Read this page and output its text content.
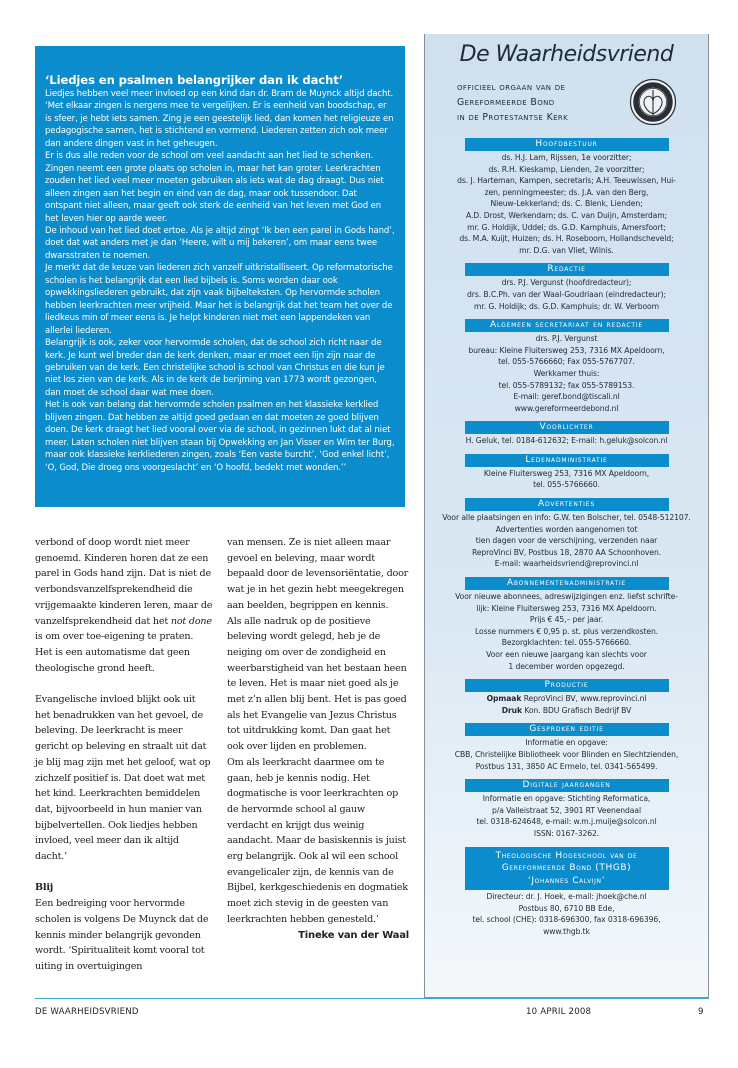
‘Liedjes en psalmen belangrijker dan ik dacht’

Liedjes hebben veel meer invloed op een kind dan dr. Bram de Muynck altijd dacht. ‘Met elkaar zingen is nergens mee te vergelijken. Er is eenheid van boodschap, er is sfeer, je hebt iets samen. Zing je een geestelijk lied, dan komen het religieuze en pedagogische samen, het is stichtend en vormend. Liederen zetten zich ook meer dan andere dingen vast in het geheugen.

Er is dus alle reden voor de school om veel aandacht aan het lied te schenken. Zingen neemt een grote plaats op scholen in, maar het kan groter. Leerkrachten zouden het lied veel meer moeten gebruiken als iets wat de dag draagt. Dus niet alleen zingen aan het begin en eind van de dag, maar ook tussendoor. Dat ontspant niet alleen, maar geeft ook sterk de eenheid van het leven met God en het leven hier op aarde weer.

De inhoud van het lied doet ertoe. Als je altijd zingt ‘Ik ben een parel in Gods hand’, doet dat wat anders met je dan ‘Heere, wilt u mij bekeren’, om maar eens twee dwarsstraten te noemen.

Je merkt dat de keuze van liederen zich vanzelf uitkristalliseert. Op reformatorische scholen is het belangrijk dat een lied bijbels is. Soms worden daar ook opwekkingsliederen gebruikt, dat zijn vaak bijbelteksten. Op hervormde scholen hebben leerkrachten meer vrijheid. Maar het is belangrijk dat het team het over de liedkeus min of meer eens is. Je helpt kinderen niet met een lappendeken van allerlei liederen.

Belangrijk is ook, zeker voor hervormde scholen, dat de school zich richt naar de kerk. Je kunt wel breder dan de kerk denken, maar er moet een lijn zijn naar de gebruiken van de kerk. Een christelijke school is school van Christus en die kun je niet los zien van de kerk. Als in de kerk de berijming van 1773 wordt gezongen, dan moet de school daar wat mee doen.

Het is ook van belang dat hervormde scholen psalmen en het klassieke kerklied blijven zingen. Dat hebben ze altijd goed gedaan en dat moeten ze goed blijven doen. De kerk draagt het lied vooral over via de school, in gezinnen lukt dat al niet meer. Laten scholen niet blijven staan bij Opwekking en Jan Visser en Wim ter Burg, maar ook klassieke kerkliederen zingen, zoals ‘Een vaste burcht’, ‘God enkel licht’, ‘O, God, Die droeg ons voorgeslacht’ en ‘O hoofd, bedekt met wonden.’’

verbond of doop wordt niet meer genoemd. Kinderen horen dat ze een parel in Gods hand zijn. Dat is niet de verbondsvanzelfsprekendheid die vrijgemaakte kinderen leren, maar de vanzelfsprekendheid dat het not done is om over toe-eigening te praten. Het is een automatisme dat geen theologische grond heeft.

Evangelische invloed blijkt ook uit het benadrukken van het gevoel, de beleving. De leerkracht is meer gericht op beleving en straalt uit dat je blij mag zijn met het geloof, wat op zichzelf positief is. Dat doet wat met het kind. Leerkrachten bemiddelen dat, bijvoorbeeld in hun manier van bijbelvertellen. Ook liedjes hebben invloed, veel meer dan ik altijd dacht.’

Blij

Een bedreiging voor hervormde scholen is volgens De Muynck dat de kennis minder belangrijk gevonden wordt. ‘Spiritualiteit komt vooral tot uiting in overtuigingen

van mensen. Ze is niet alleen maar gevoel en beleving, maar wordt bepaald door de levensoriëntatie, door wat je in het gezin hebt meegekregen aan beelden, begrippen en kennis.

Als alle nadruk op de positieve beleving wordt gelegd, heb je de neiging om over de zondigheid en weerbarstigheid van het bestaan heen te leven. Het is maar niet goed als je met z’n allen blij bent. Het is pas goed als het Evangelie van Jezus Christus tot uitdrukking komt. Dan gaat het ook over lijden en problemen.

Om als leerkracht daarmee om te gaan, heb je kennis nodig. Het dogmatische is voor leerkrachten op de hervormde school al gauw verdacht en krijgt dus weinig aandacht. Maar de basiskennis is juist erg belangrijk. Ook al wil een school evangelicaler zijn, de kennis van de Bijbel, kerkgeschiedenis en dogmatiek moet zich stevig in de geesten van leerkrachten hebben genesteld.’

Tineke van der Waal

De Waarheidsvriend
officieel orgaan van de
Gereformeerde Bond
in de Protestantse Kerk
Hoofdbestuur
ds. H.J. Lam, Rijssen, 1e voorzitter;
ds. R.H. Kieskamp, Lienden, 2e voorzitter;
ds. J. Harteman, Kampen, secretaris; A.H. Teeuwissen, Hui-
zen, penningmeester; ds. J.A. van den Berg,
Nieuw-Lekkerland; ds. C. Blenk, Lienden;
A.D. Drost, Werkendam; ds. C. van Duijn, Amsterdam;
mr. G. Holdijk, Uddel; ds. G.D. Kamphuis, Amersfoort;
ds. M.A. Kuijt, Huizen; ds. H. Roseboom, Hollandscheveld;
mr. D.G. van Vliet, Wilnis.
Redactie
drs. P.J. Vergunst (hoofdredacteur);
drs. B.C.Ph. van der Waal-Goudriaan (eindredacteur);
mr. G. Holdijk; ds. G.D. Kamphuis; dr. W. Verboom
Algemeen secretariaat en redactie
drs. P.J. Vergunst
bureau: Kleine Fluitersweg 253, 7316 MX Apeldoorn,
tel. 055-5766660; Fax 055-5767707.
Werkkamer thuis:
tel. 055-5789132; fax 055-5789153.
E-mail: geref.bond@tiscali.nl
www.gereformeerdebond.nl
Voorlichter
H. Geluk, tel. 0184-612632; E-mail: h.geluk@solcon.nl
Ledenadministratie
Kleine Fluitersweg 253, 7316 MX Apeldoorn,
tel. 055-5766660.
Advertenties
Voor alle plaatsingen en info: G.W. ten Bolscher, tel. 0548-512107.
Advertenties worden aangenomen tot
tien dagen voor de verschijning, verzenden naar
ReproVinci BV, Postbus 18, 2870 AA Schoonhoven.
E-mail: waarheidsvriend@reprovinci.nl
Abonnementenadministratie
Voor nieuwe abonnees, adreswijzigingen enz. liefst schrifte-
lijk: Kleine Fluitersweg 253, 7316 MX Apeldoorn.
Prijs € 45,– per jaar.
Losse nummers € 0,95 p. st. plus verzendkosten.
Bezorgklachten: tel. 055-5766660.
Voor een nieuwe jaargang kan slechts voor
1 december worden opgezegd.
Productie
Opmaak ReproVinci BV, www.reprovinci.nl
Druk Kon. BDU Grafisch Bedrijf BV
Gesproken editie
Informatie en opgave:
CBB, Christelijke Bibliotheek voor Blinden en Slechtzienden,
Postbus 131, 3850 AC Ermelo, tel. 0341-565499.
Digitale jaargangen
Informatie en opgave: Stichting Reformatica,
p/a Valleistraat 52, 3901 RT Veenendaal
tel. 0318-624648, e-mail: w.m.j.muije@solcon.nl
ISSN: 0167-3262.
Theologische Hogeschool van de
Gereformeerde Bond (THGB)
‘Johannes Calvijn’
Directeur: dr. J. Hoek, e-mail: jhoek@che.nl
Postbus 80, 6710 BB Ede,
tel. school (CHE): 0318-696300, fax 0318-696396,
www.thgb.tk
DE WAARHEIDSVRIEND	10 APRIL 2008	9
